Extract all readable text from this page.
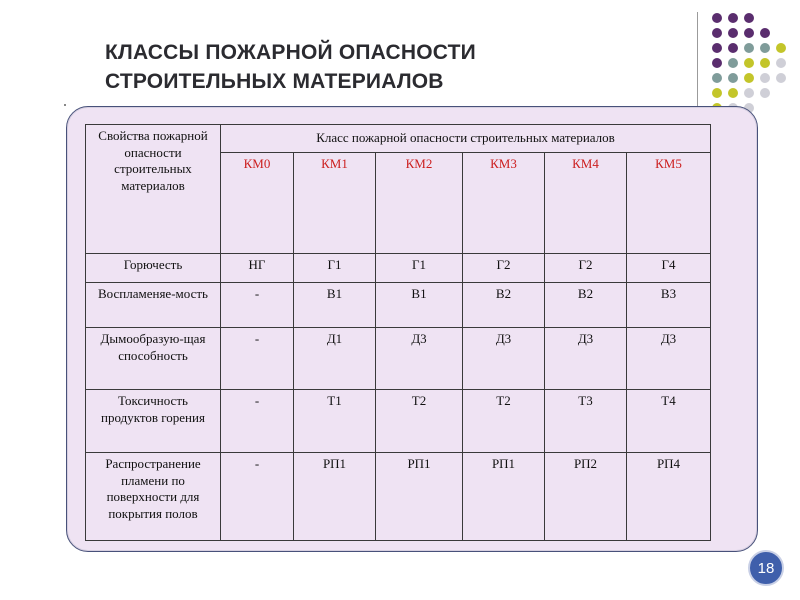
КЛАССЫ ПОЖАРНОЙ ОПАСНОСТИ
СТРОИТЕЛЬНЫХ МАТЕРИАЛОВ
Свойства пожарной опасности строительных материалов	Класс пожарной опасности строительных материалов					
	КМ0	КМ1	КМ2	КМ3	КМ4	КМ5
Горючесть	НГ	Г1	Г1	Г2	Г2	Г4
Воспламеняе-мость	-	В1	В1	В2	В2	В3
Дымообразую-щая способность	-	Д1	Д3	Д3	Д3	Д3
Токсичность продуктов горения	-	Т1	Т2	Т2	Т3	Т4
Распространение пламени по поверхности для покрытия полов	-	РП1	РП1	РП1	РП2	РП4
18
